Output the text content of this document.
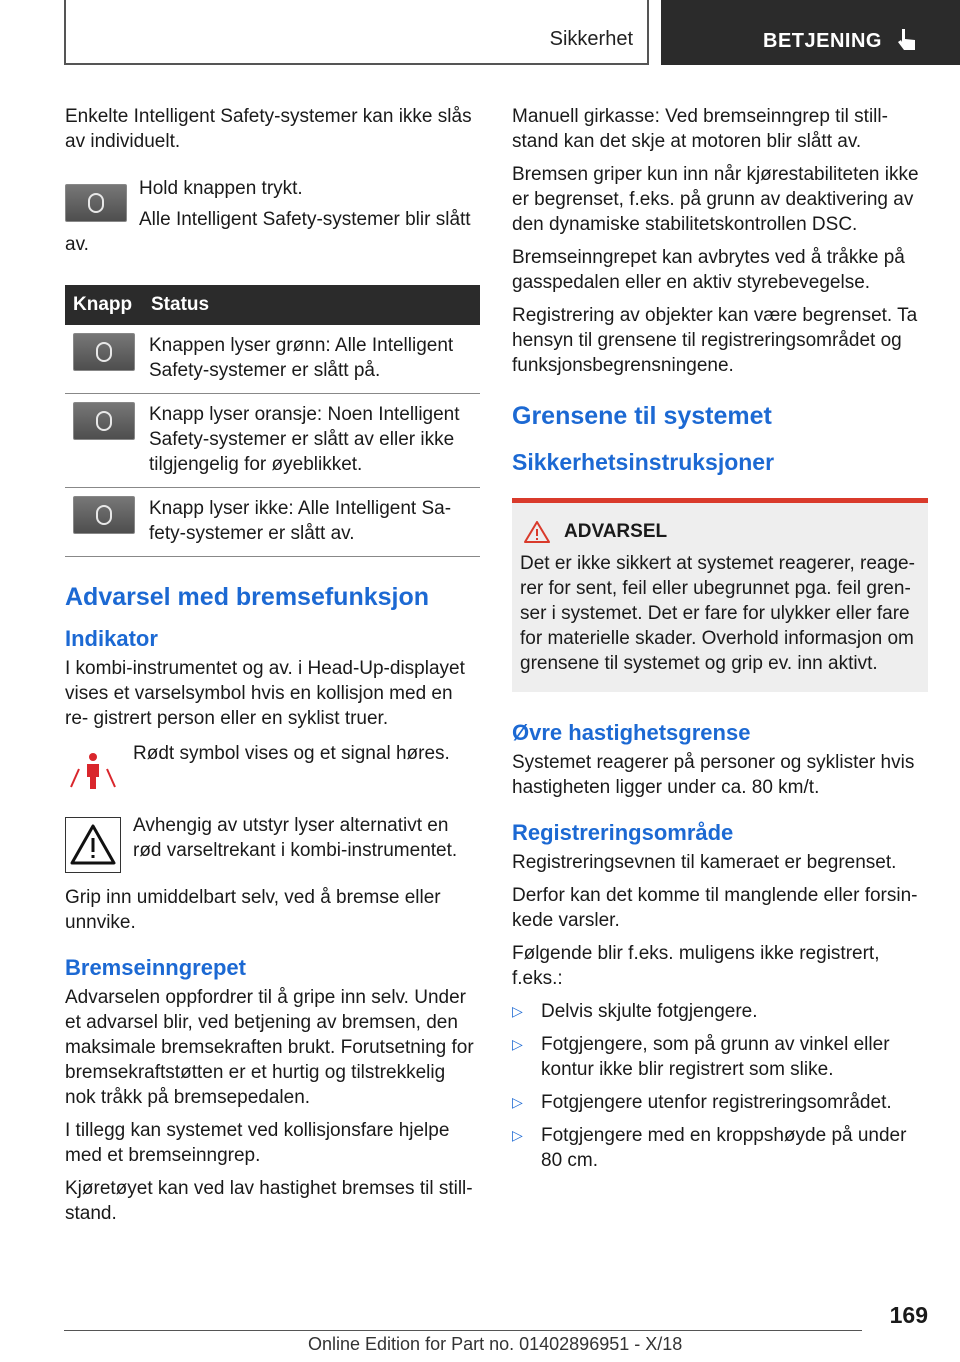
Sikkerhet	BETJENING

Enkelte Intelligent Safety-systemer kan ikke slås av individuelt.

Hold knappen trykt.

Alle Intelligent Safety-systemer blir slått av.

Knapp	Status

	Knappen lyser grønn: Alle Intelligent Safety-systemer er slått på.

	Knapp lyser oransje: Noen Intelligent Safety-systemer er slått av eller ikke tilgjengelig for øyeblikket.

	Knapp lyser ikke: Alle Intelligent Sa- fety-systemer er slått av.
Advarsel med bremsefunksjon
Indikator

I kombi-instrumentet og av. i Head-Up-displayet vises et varselsymbol hvis en kollisjon med en re- gistrert person eller en syklist truer.

Rødt symbol vises og et signal høres.

Avhengig av utstyr lyser alternativt en rød varseltrekant i kombi-instrumentet.

Grip inn umiddelbart selv, ved å bremse eller unnvike.

Bremseinngrepet

Advarselen oppfordrer til å gripe inn selv. Under et advarsel blir, ved betjening av bremsen, den maksimale bremsekraften brukt. Forutsetning for bremsekraftstøtten er et hurtig og tilstrekkelig nok tråkk på bremsepedalen.

I tillegg kan systemet ved kollisjonsfare hjelpe med et bremseinngrep.

Kjøretøyet kan ved lav hastighet bremses til still- stand.

Manuell girkasse: Ved bremseinngrep til still- stand kan det skje at motoren blir slått av.

Bremsen griper kun inn når kjørestabiliteten ikke er begrenset, f.eks. på grunn av deaktivering av den dynamiske stabilitetskontrollen DSC.

Bremseinngrepet kan avbrytes ved å tråkke på gasspedalen eller en aktiv styrebevegelse.

Registrering av objekter kan være begrenset. Ta hensyn til grensene til registreringsområdet og funksjonsbegrensningene.

Grensene til systemet
Sikkerhetsinstruksjoner
ADVARSEL

Det er ikke sikkert at systemet reagerer, reage- rer for sent, feil eller ubegrunnet pga. feil gren- ser i systemet. Det er fare for ulykker eller fare for materielle skader. Overhold informasjon om grensene til systemet og grip ev. inn aktivt.

Øvre hastighetsgrense

Systemet reagerer på personer og syklister hvis hastigheten ligger under ca. 80 km/t.

Registreringsområde

Registreringsevnen til kameraet er begrenset.

Derfor kan det komme til manglende eller forsin- kede varsler.

Følgende blir f.eks. muligens ikke registrert, f.eks.:

▷ Delvis skjulte fotgjengere.
▷ Fotgjengere, som på grunn av vinkel eller kontur ikke blir registrert som slike.
▷ Fotgjengere utenfor registreringsområdet.
▷ Fotgjengere med en kroppshøyde på under 80 cm.
169
Online Edition for Part no. 01402896951 - X/18
